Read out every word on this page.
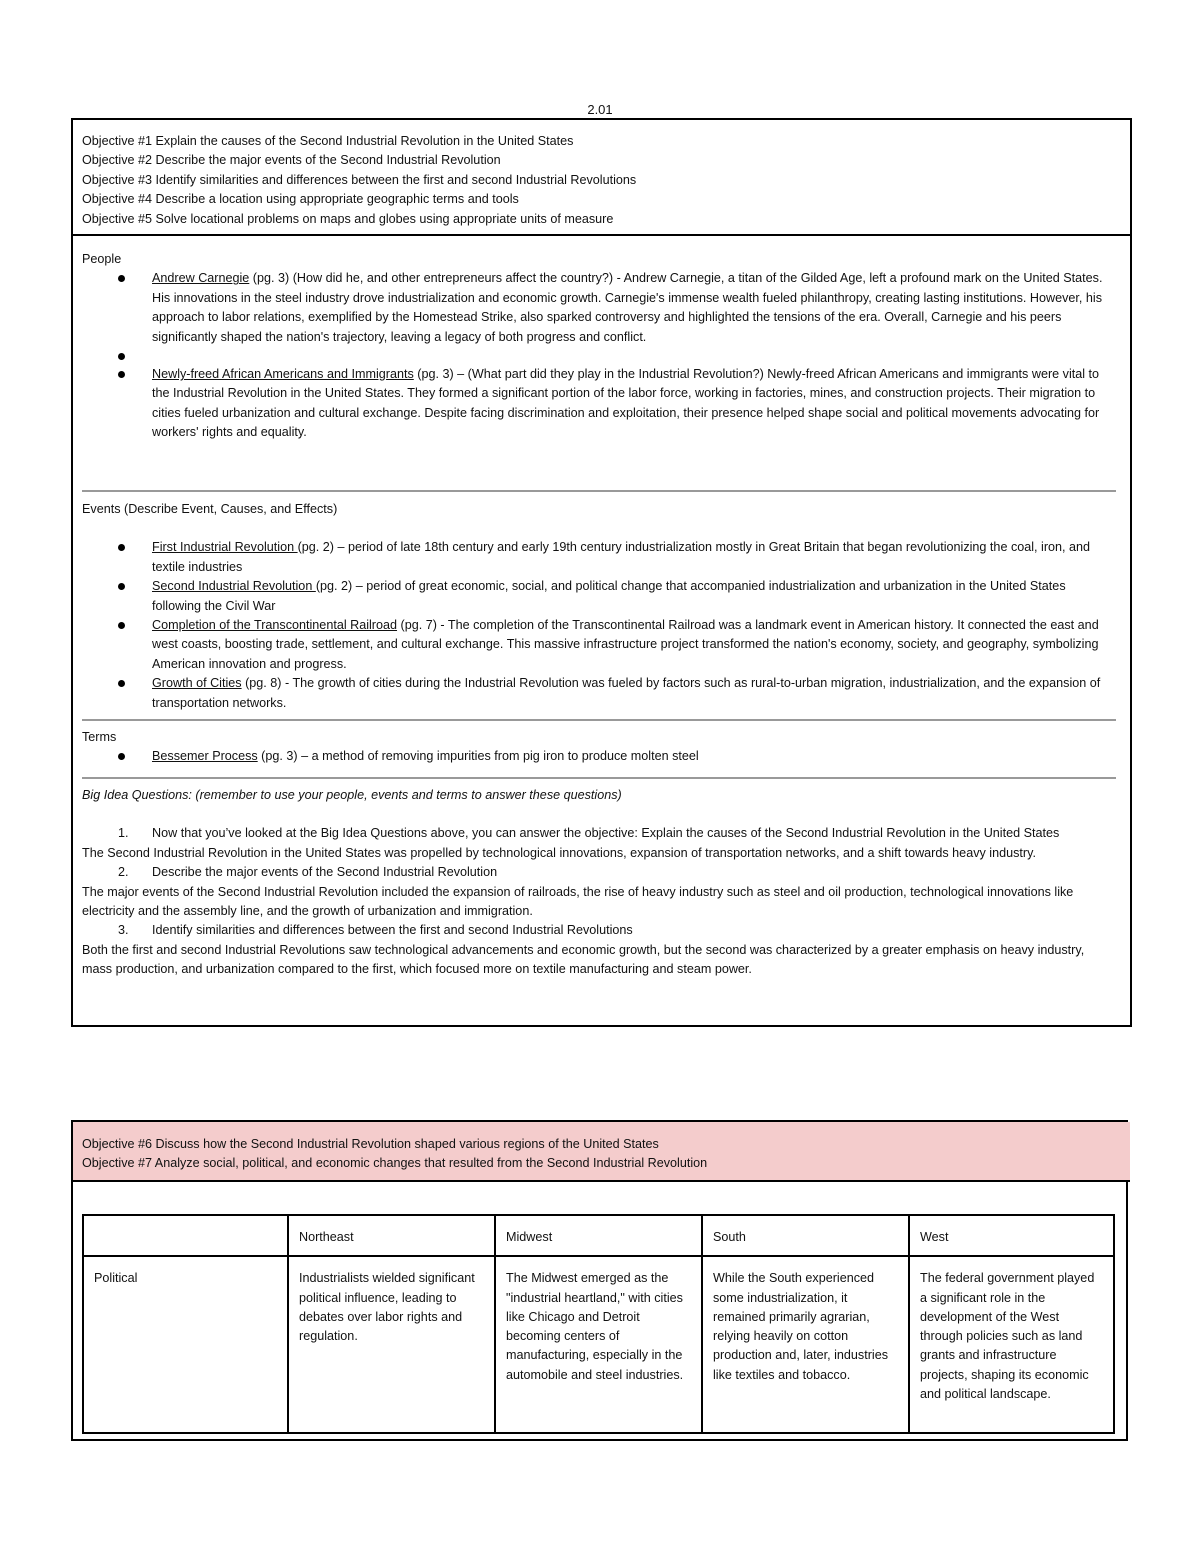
2.01
Objective #1 Explain the causes of the Second Industrial Revolution in the United States
Objective #2 Describe the major events of the Second Industrial Revolution
Objective #3 Identify similarities and differences between the first and second Industrial Revolutions
Objective #4 Describe a location using appropriate geographic terms and tools
Objective #5 Solve locational problems on maps and globes using appropriate units of measure
People
Andrew Carnegie (pg. 3) (How did he, and other entrepreneurs affect the country?) - Andrew Carnegie, a titan of the Gilded Age, left a profound mark on the United States. His innovations in the steel industry drove industrialization and economic growth. Carnegie's immense wealth fueled philanthropy, creating lasting institutions. However, his approach to labor relations, exemplified by the Homestead Strike, also sparked controversy and highlighted the tensions of the era. Overall, Carnegie and his peers significantly shaped the nation's trajectory, leaving a legacy of both progress and conflict.
Newly-freed African Americans and Immigrants (pg. 3) – (What part did they play in the Industrial Revolution?) Newly-freed African Americans and immigrants were vital to the Industrial Revolution in the United States. They formed a significant portion of the labor force, working in factories, mines, and construction projects. Their migration to cities fueled urbanization and cultural exchange. Despite facing discrimination and exploitation, their presence helped shape social and political movements advocating for workers' rights and equality.
Events (Describe Event, Causes, and Effects)
First Industrial Revolution (pg. 2) – period of late 18th century and early 19th century industrialization mostly in Great Britain that began revolutionizing the coal, iron, and textile industries
Second Industrial Revolution (pg. 2) – period of great economic, social, and political change that accompanied industrialization and urbanization in the United States following the Civil War
Completion of the Transcontinental Railroad (pg. 7) - The completion of the Transcontinental Railroad was a landmark event in American history. It connected the east and west coasts, boosting trade, settlement, and cultural exchange. This massive infrastructure project transformed the nation's economy, society, and geography, symbolizing American innovation and progress.
Growth of Cities (pg. 8) - The growth of cities during the Industrial Revolution was fueled by factors such as rural-to-urban migration, industrialization, and the expansion of transportation networks.
Terms
Bessemer Process (pg. 3) – a method of removing impurities from pig iron to produce molten steel
Big Idea Questions: (remember to use your people, events and terms to answer these questions)
1.	Now that you’ve looked at the Big Idea Questions above, you can answer the objective: Explain the causes of the Second Industrial Revolution in the United States
The Second Industrial Revolution in the United States was propelled by technological innovations, expansion of transportation networks, and a shift towards heavy industry.
2.	Describe the major events of the Second Industrial Revolution
The major events of the Second Industrial Revolution included the expansion of railroads, the rise of heavy industry such as steel and oil production, technological innovations like electricity and the assembly line, and the growth of urbanization and immigration.
3.	Identify similarities and differences between the first and second Industrial Revolutions
Both the first and second Industrial Revolutions saw technological advancements and economic growth, but the second was characterized by a greater emphasis on heavy industry, mass production, and urbanization compared to the first, which focused more on textile manufacturing and steam power.
Objective #6 Discuss how the Second Industrial Revolution shaped various regions of the United States
Objective #7 Analyze social, political, and economic changes that resulted from the Second Industrial Revolution
	Northeast	Midwest	South	West
Political	Industrialists wielded significant political influence, leading to debates over labor rights and regulation.	The Midwest emerged as the "industrial heartland," with cities like Chicago and Detroit becoming centers of manufacturing, especially in the automobile and steel industries.	While the South experienced some industrialization, it remained primarily agrarian, relying heavily on cotton production and, later, industries like textiles and tobacco.	The federal government played a significant role in the development of the West through policies such as land grants and infrastructure projects, shaping its economic and political landscape.
